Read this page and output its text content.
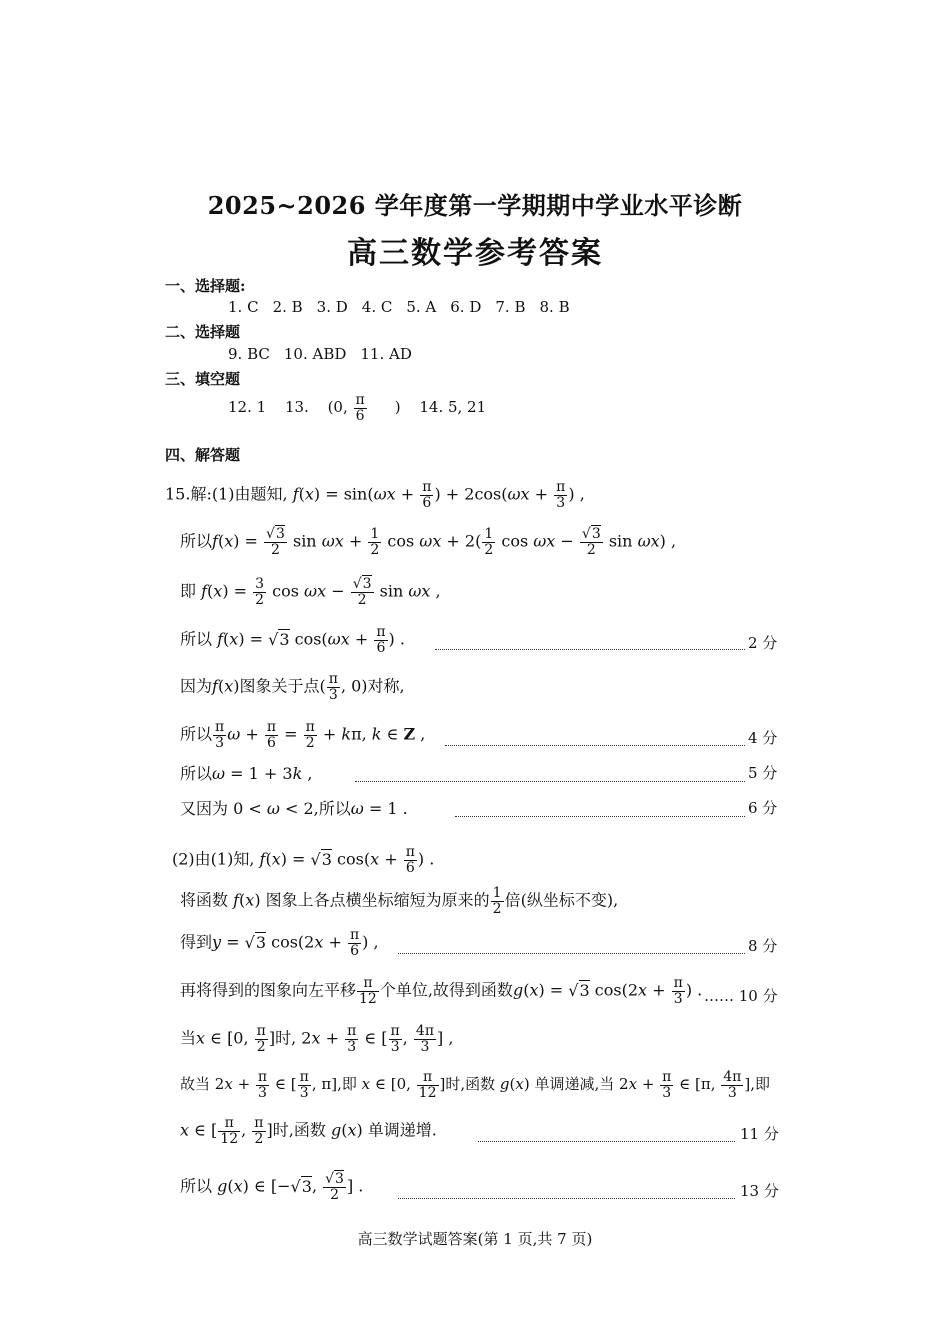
2025~2026 学年度第一学期期中学业水平诊断
高三数学参考答案
一、选择题:
1. C 2. B 3. D 4. C 5. A 6. D 7. B 8. B
二、选择题
9. BC 10. ABD 11. AD
三、填空题
12. 1 13. (0, $\frac{\pi}{6}$ ) 14. 5, 21
四、解答题
15.解:(1)由题知, $f(x) = \sin(\omega x + \frac{\pi}{6}$ ) + $2\cos(\omega x + \frac{\pi}{3}$ ) ,
所以$f(x) = \frac{√3}{2}$ $\sin \omega x + \frac{1}{2}$ $\cos \omega x + 2( \frac{1}{2}$ $\cos \omega x - \frac{√3}{2}$ sin ωx) ,
即 $f(x) = \frac{3}{2}$ $\cos \omega x - \frac{√3}{2}$ sin ωx ,
所以 f(x) = √3 $\cos(\omega x + \frac{\pi}{6}$ ) .	2 分
因为f(x)图象关于点( $\frac{\pi}{3}$ , 0)对称,
所以 $\frac{\pi}{3}$ $\omega + \frac{\pi}{6} = \frac{\pi}{2} + k\pi$, k ∈ Z ,	4 分
所以ω = 1 + 3k ,	5 分
又因为 0 < ω < 2,所以ω = 1 .	6 分
(2)由(1)知, f(x) = √3 $\cos(x + \frac{\pi}{6}$ ) .
将函数 f(x) 图象上各点横坐标缩短为原来的 $\frac{1}{2}$ 倍(纵坐标不变),
得到y = √3 $\cos(2x + \frac{\pi}{6}$ ) ,	8 分
再将得到的图象向左平移 $\frac{\pi}{12}$ 个单位,故得到函数g(x) = √3 $\cos(2x + \frac{\pi}{3}$ ) . …… 10 分
当x ∈ [0, $\frac{\pi}{2}$ ]时, $2x + \frac{\pi}{3}$ ∈ [ $\frac{\pi}{3}$ , $\frac{4\pi}{3}$ ] ,
故当 $2x + \frac{\pi}{3}$ ∈ [ $\frac{\pi}{3}$ , π],即 x ∈ [0, $\frac{\pi}{12}$ ]时,函数 g(x) 单调递减,当 $2x + \frac{\pi}{3}$ ∈ [π, $\frac{4\pi}{3}$ ],即
x ∈ [ $\frac{\pi}{12}$ , $\frac{\pi}{2}$ ]时,函数 g(x) 单调递增.	11 分
所以 g(x) ∈ [−√3, $\frac{√3}{2}$ ] .	13 分
高三数学试题答案(第 1 页,共 7 页)
